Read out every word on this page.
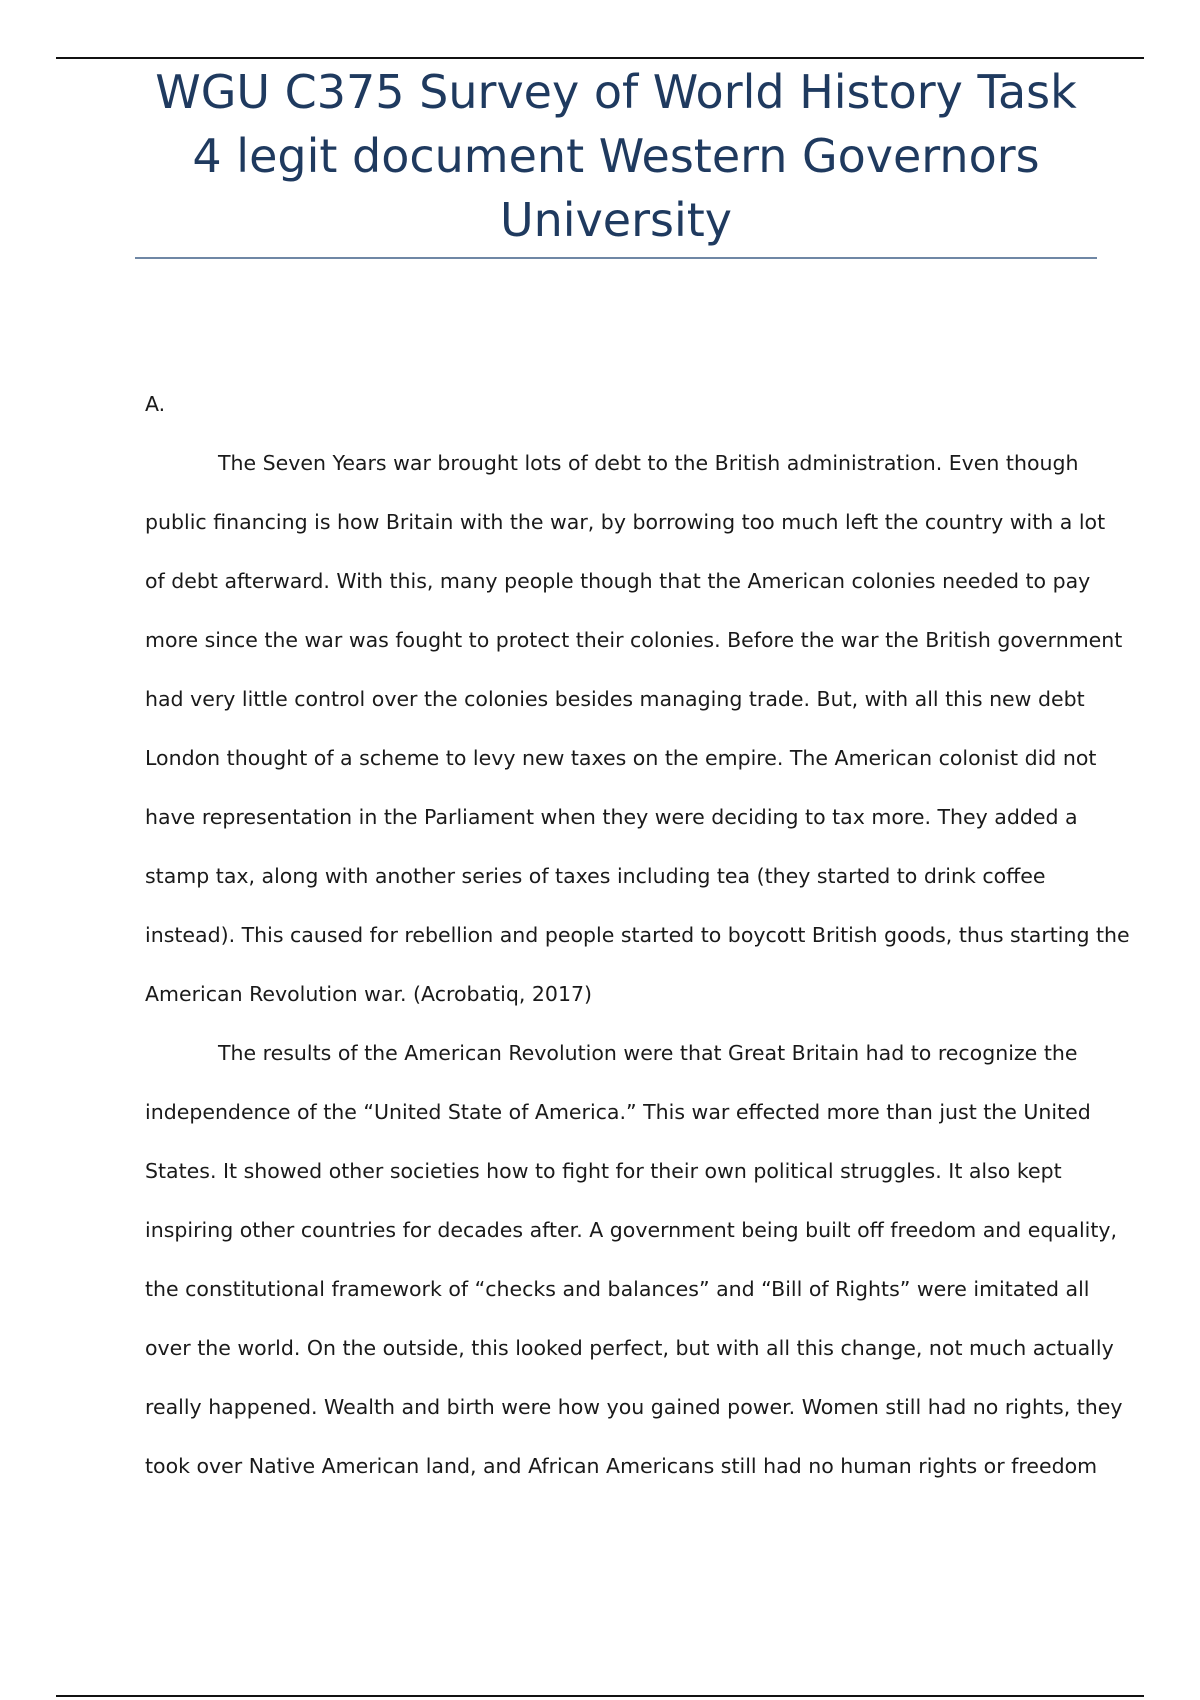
WGU C375 Survey of World History Task 4 legit document Western Governors University

A.

The Seven Years war brought lots of debt to the British administration. Even though
public financing is how Britain with the war, by borrowing too much left the country with a lot
of debt afterward. With this, many people though that the American colonies needed to pay
more since the war was fought to protect their colonies. Before the war the British government
had very little control over the colonies besides managing trade. But, with all this new debt
London thought of a scheme to levy new taxes on the empire. The American colonist did not
have representation in the Parliament when they were deciding to tax more. They added a
stamp tax, along with another series of taxes including tea (they started to drink coffee
instead). This caused for rebellion and people started to boycott British goods, thus starting the
American Revolution war. (Acrobatiq, 2017)
The results of the American Revolution were that Great Britain had to recognize the
independence of the “United State of America.” This war effected more than just the United
States. It showed other societies how to fight for their own political struggles. It also kept
inspiring other countries for decades after. A government being built off freedom and equality,
the constitutional framework of “checks and balances” and “Bill of Rights” were imitated all
over the world. On the outside, this looked perfect, but with all this change, not much actually
really happened. Wealth and birth were how you gained power. Women still had no rights, they
took over Native American land, and African Americans still had no human rights or freedom
